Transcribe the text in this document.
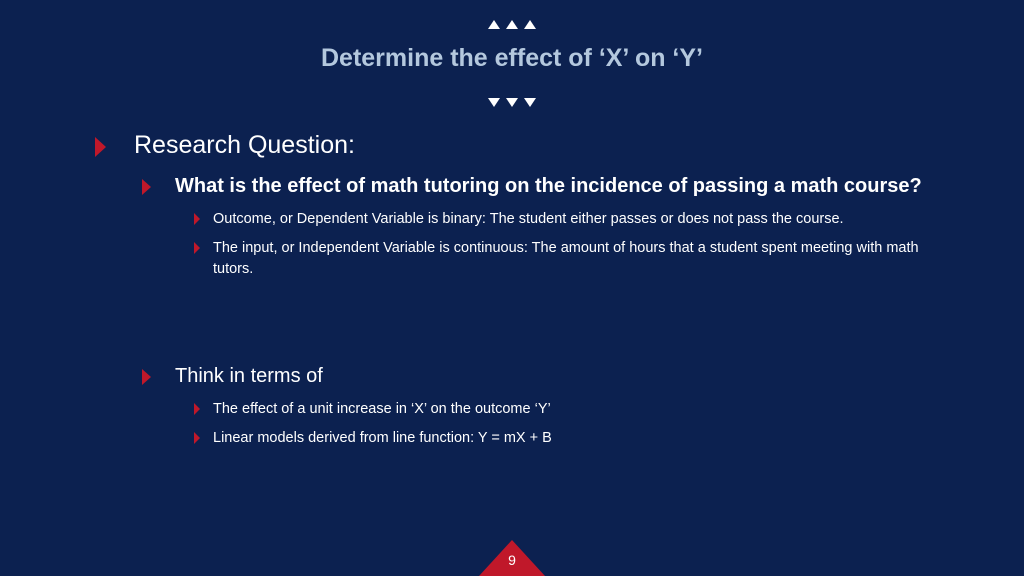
Determine the effect of ‘X’ on ‘Y’

Research Question:

What is the effect of math tutoring on the incidence of passing a math course?

Outcome, or Dependent Variable is binary: The student either passes or does not pass the course.

The input, or Independent Variable is continuous: The amount of hours that a student spent meeting with math tutors.

Think in terms of

The effect of a unit increase in ‘X’ on the outcome ‘Y’

Linear models derived from line function: Y = mX + B

9
